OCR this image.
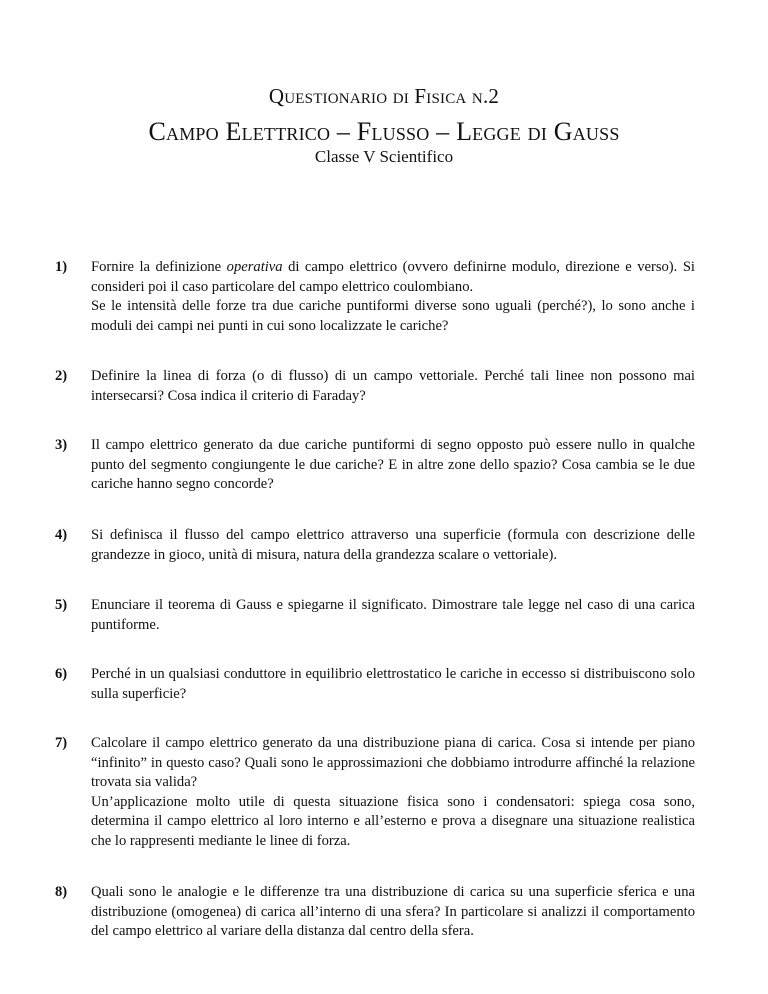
Questionario di Fisica n.2
Campo Elettrico – Flusso – Legge di Gauss
Classe V Scientifico
1) Fornire la definizione operativa di campo elettrico (ovvero definirne modulo, direzione e verso). Si consideri poi il caso particolare del campo elettrico coulombiano.
Se le intensità delle forze tra due cariche puntiformi diverse sono uguali (perché?), lo sono anche i moduli dei campi nei punti in cui sono localizzate le cariche?
2) Definire la linea di forza (o di flusso) di un campo vettoriale. Perché tali linee non possono mai intersecarsi? Cosa indica il criterio di Faraday?
3) Il campo elettrico generato da due cariche puntiformi di segno opposto può essere nullo in qualche punto del segmento congiungente le due cariche? E in altre zone dello spazio? Cosa cambia se le due cariche hanno segno concorde?
4) Si definisca il flusso del campo elettrico attraverso una superficie (formula con descrizione delle grandezze in gioco, unità di misura, natura della grandezza scalare o vettoriale).
5) Enunciare il teorema di Gauss e spiegarne il significato. Dimostrare tale legge nel caso di una carica puntiforme.
6) Perché in un qualsiasi conduttore in equilibrio elettrostatico le cariche in eccesso si distribuiscono solo sulla superficie?
7) Calcolare il campo elettrico generato da una distribuzione piana di carica. Cosa si intende per piano “infinito” in questo caso? Quali sono le approssimazioni che dobbiamo introdurre affinché la relazione trovata sia valida?
Un’applicazione molto utile di questa situazione fisica sono i condensatori: spiega cosa sono, determina il campo elettrico al loro interno e all’esterno e prova a disegnare una situazione realistica che lo rappresenti mediante le linee di forza.
8) Quali sono le analogie e le differenze tra una distribuzione di carica su una superficie sferica e una distribuzione (omogenea) di carica all’interno di una sfera? In particolare si analizzi il comportamento del campo elettrico al variare della distanza dal centro della sfera.
